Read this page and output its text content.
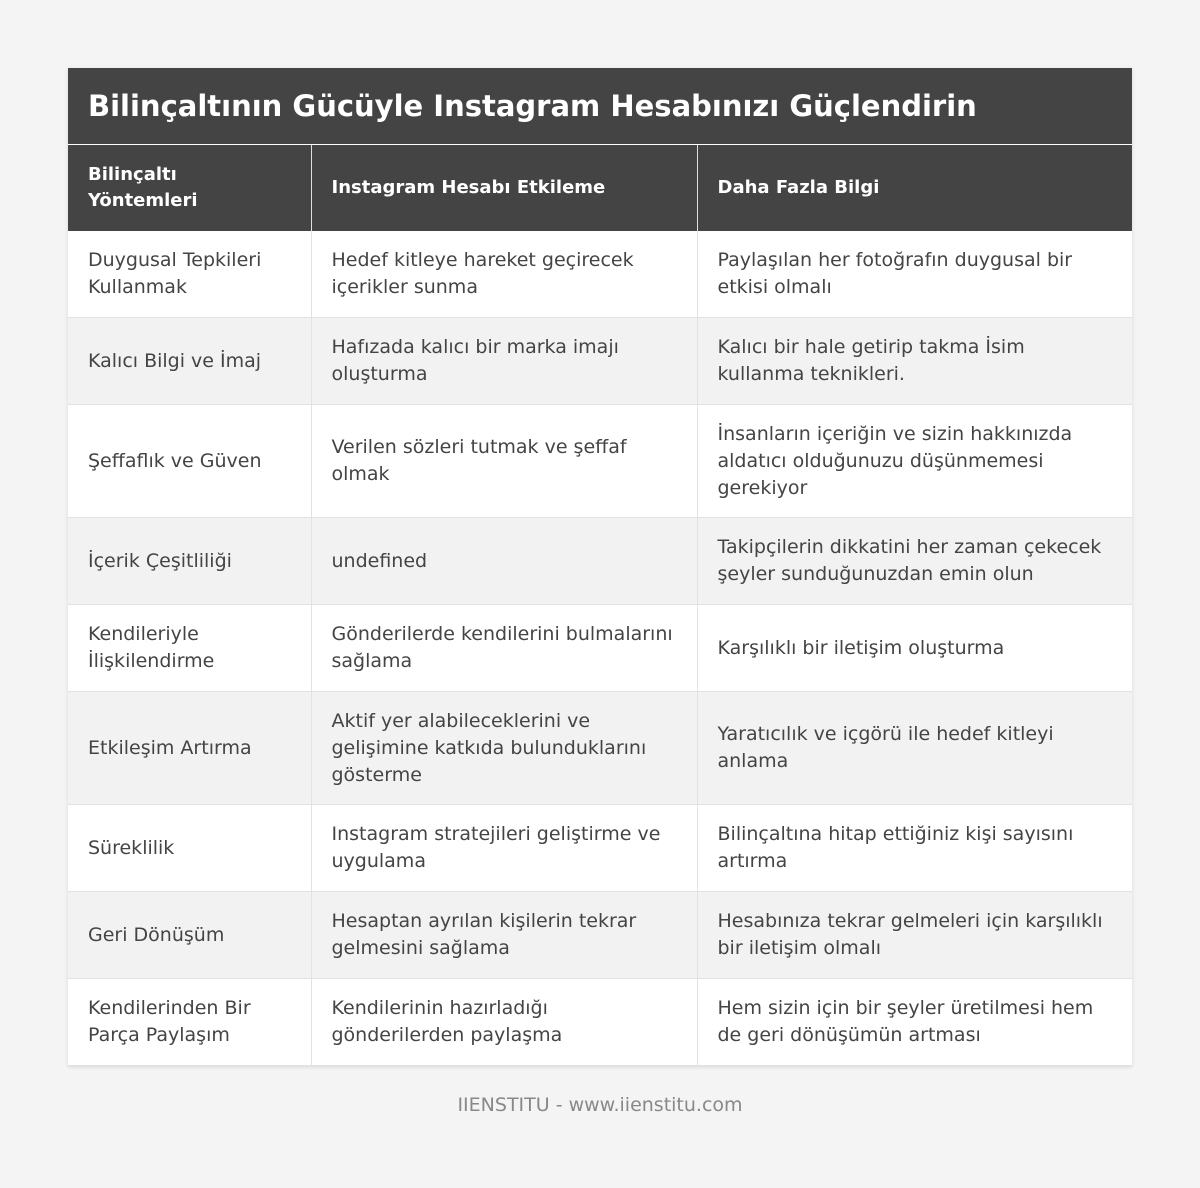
Bilinçaltının Gücüyle Instagram Hesabınızı Güçlendirin
Bilinçaltı Yöntemleri	Instagram Hesabı Etkileme	Daha Fazla Bilgi
Duygusal Tepkileri Kullanmak	Hedef kitleye hareket geçirecek içerikler sunma	Paylaşılan her fotoğrafın duygusal bir etkisi olmalı
Kalıcı Bilgi ve İmaj	Hafızada kalıcı bir marka imajı oluşturma	Kalıcı bir hale getirip takma İsim kullanma teknikleri.
Şeffaflık ve Güven	Verilen sözleri tutmak ve şeffaf olmak	İnsanların içeriğin ve sizin hakkınızda aldatıcı olduğunuzu düşünmemesi gerekiyor
İçerik Çeşitliliği	undefined	Takipçilerin dikkatini her zaman çekecek şeyler sunduğunuzdan emin olun
Kendileriyle İlişkilendirme	Gönderilerde kendilerini bulmalarını sağlama	Karşılıklı bir iletişim oluşturma
Etkileşim Artırma	Aktif yer alabileceklerini ve gelişimine katkıda bulunduklarını gösterme	Yaratıcılık ve içgörü ile hedef kitleyi anlama
Süreklilik	Instagram stratejileri geliştirme ve uygulama	Bilinçaltına hitap ettiğiniz kişi sayısını artırma
Geri Dönüşüm	Hesaptan ayrılan kişilerin tekrar gelmesini sağlama	Hesabınıza tekrar gelmeleri için karşılıklı bir iletişim olmalı
Kendilerinden Bir Parça Paylaşım	Kendilerinin hazırladığı gönderilerden paylaşma	Hem sizin için bir şeyler üretilmesi hem de geri dönüşümün artması
IIENSTITU - www.iienstitu.com
